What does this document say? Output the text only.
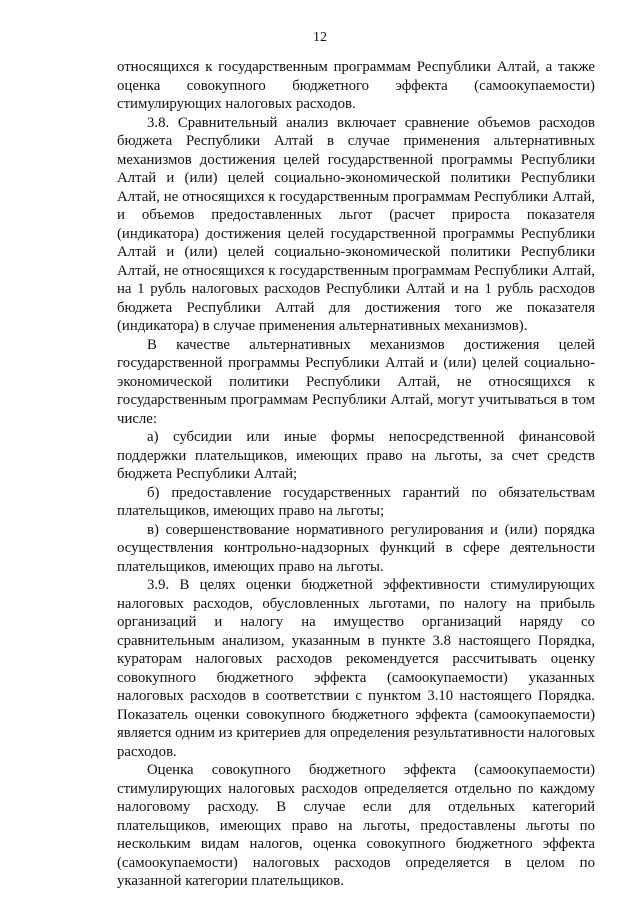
12

относящихся к государственным программам Республики Алтай, а также оценка совокупного бюджетного эффекта (самоокупаемости) стимулирующих налоговых расходов.

3.8. Сравнительный анализ включает сравнение объемов расходов бюджета Республики Алтай в случае применения альтернативных механизмов достижения целей государственной программы Республики Алтай и (или) целей социально-экономической политики Республики Алтай, не относящихся к государственным программам Республики Алтай, и объемов предоставленных льгот (расчет прироста показателя (индикатора) достижения целей государственной программы Республики Алтай и (или) целей социально-экономической политики Республики Алтай, не относящихся к государственным программам Республики Алтай, на 1 рубль налоговых расходов Республики Алтай и на 1 рубль расходов бюджета Республики Алтай для достижения того же показателя (индикатора) в случае применения альтернативных механизмов).

В качестве альтернативных механизмов достижения целей государственной программы Республики Алтай и (или) целей социально-экономической политики Республики Алтай, не относящихся к государственным программам Республики Алтай, могут учитываться в том числе:

а) субсидии или иные формы непосредственной финансовой поддержки плательщиков, имеющих право на льготы, за счет средств бюджета Республики Алтай;

б) предоставление государственных гарантий по обязательствам плательщиков, имеющих право на льготы;

в) совершенствование нормативного регулирования и (или) порядка осуществления контрольно-надзорных функций в сфере деятельности плательщиков, имеющих право на льготы.

3.9. В целях оценки бюджетной эффективности стимулирующих налоговых расходов, обусловленных льготами, по налогу на прибыль организаций и налогу на имущество организаций наряду со сравнительным анализом, указанным в пункте 3.8 настоящего Порядка, кураторам налоговых расходов рекомендуется рассчитывать оценку совокупного бюджетного эффекта (самоокупаемости) указанных налоговых расходов в соответствии с пунктом 3.10 настоящего Порядка. Показатель оценки совокупного бюджетного эффекта (самоокупаемости) является одним из критериев для определения результативности налоговых расходов.

Оценка совокупного бюджетного эффекта (самоокупаемости) стимулирующих налоговых расходов определяется отдельно по каждому налоговому расходу. В случае если для отдельных категорий плательщиков, имеющих право на льготы, предоставлены льготы по нескольким видам налогов, оценка совокупного бюджетного эффекта (самоокупаемости) налоговых расходов определяется в целом по указанной категории плательщиков.
